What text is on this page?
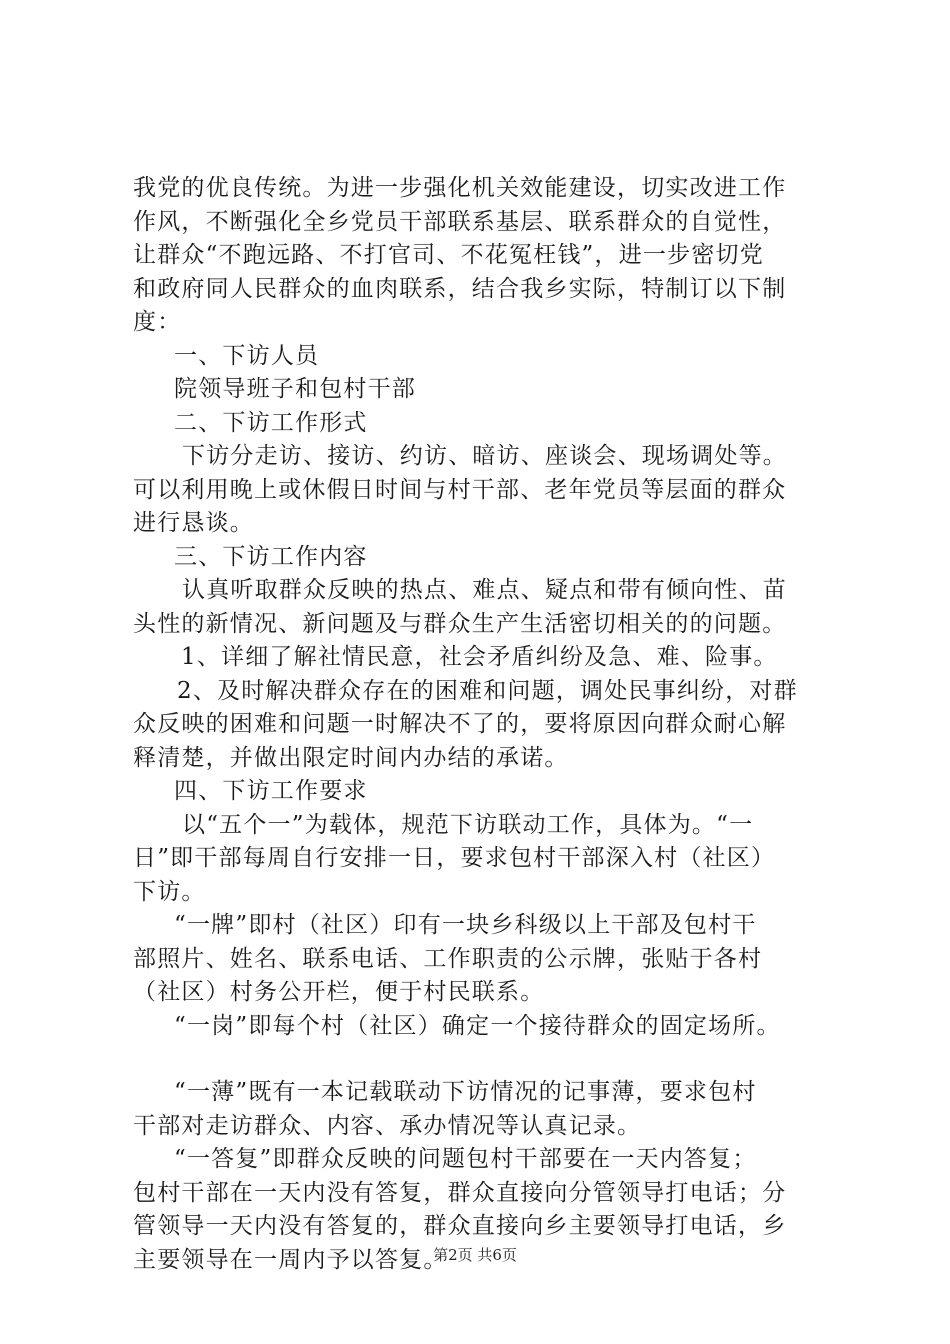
我党的优良传统。为进一步强化机关效能建设，切实改进工作
作风，不断强化全乡党员干部联系基层、联系群众的自觉性，
让群众“不跑远路、不打官司、不花冤枉钱”，进一步密切党
和政府同人民群众的血肉联系，结合我乡实际，特制订以下制
度：
一、下访人员
院领导班子和包村干部
二、下访工作形式
下访分走访、接访、约访、暗访、座谈会、现场调处等。
可以利用晚上或休假日时间与村干部、老年党员等层面的群众
进行恳谈。
三、下访工作内容
认真听取群众反映的热点、难点、疑点和带有倾向性、苗
头性的新情况、新问题及与群众生产生活密切相关的的问题。
1、详细了解社情民意，社会矛盾纠纷及急、难、险事。
2、及时解决群众存在的困难和问题，调处民事纠纷，对群
众反映的困难和问题一时解决不了的，要将原因向群众耐心解
释清楚，并做出限定时间内办结的承诺。
四、下访工作要求
以“五个一”为载体，规范下访联动工作，具体为。“一
日”即干部每周自行安排一日，要求包村干部深入村（社区）
下访。
“一牌”即村（社区）印有一块乡科级以上干部及包村干
部照片、姓名、联系电话、工作职责的公示牌，张贴于各村
（社区）村务公开栏，便于村民联系。
“一岗”即每个村（社区）确定一个接待群众的固定场所。
“一薄”既有一本记载联动下访情况的记事薄，要求包村
干部对走访群众、内容、承办情况等认真记录。
“一答复”即群众反映的问题包村干部要在一天内答复；
包村干部在一天内没有答复，群众直接向分管领导打电话；分
管领导一天内没有答复的，群众直接向乡主要领导打电话，乡
主要领导在一周内予以答复。
第2页 共6页
